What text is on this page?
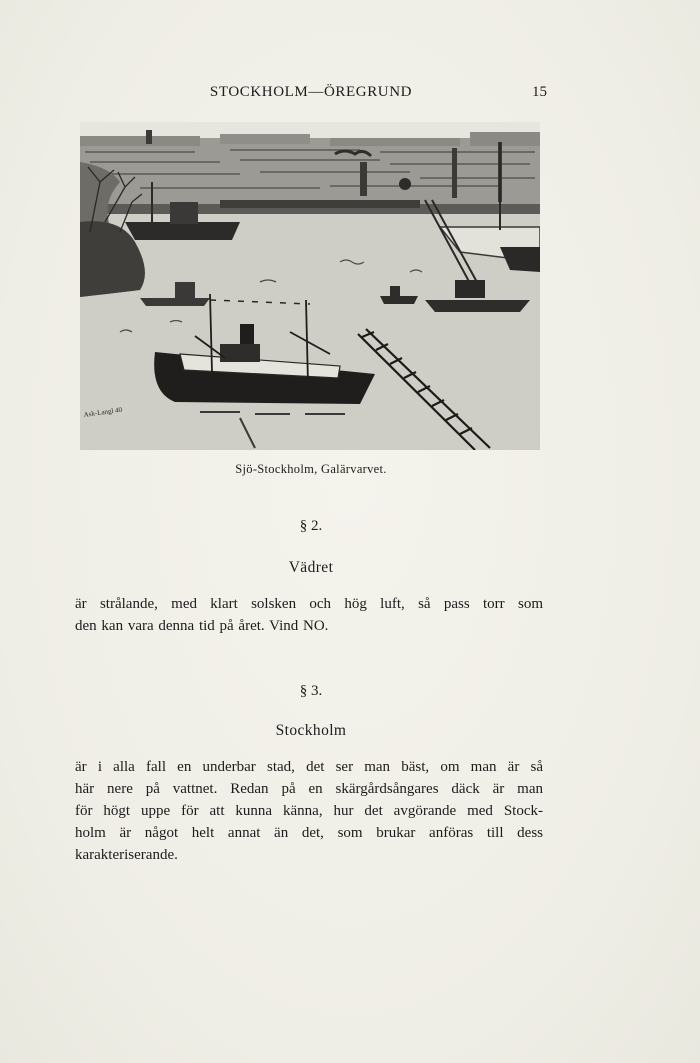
STOCKHOLM—ÖREGRUND	15
Ask-Langl 40
Sjö-Stockholm, Galärvarvet.
§ 2.
Vädret
är strålande, med klart solsken och hög luft, så pass torr som
den kan vara denna tid på året. Vind NO.
§ 3.
Stockholm
är i alla fall en underbar stad, det ser man bäst, om man är så
här nere på vattnet. Redan på en skärgårdsångares däck är man
för högt uppe för att kunna känna, hur det avgörande med Stock-
holm är något helt annat än det, som brukar anföras till dess
karakteriserande.
